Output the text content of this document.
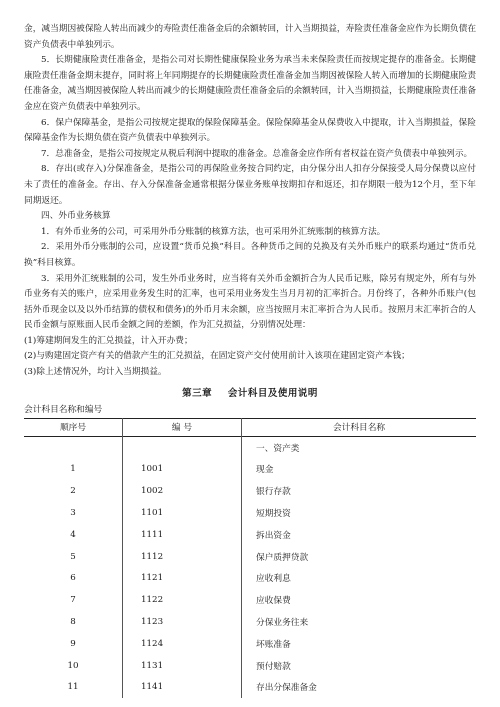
金，减当期因被保险人转出而减少的寿险责任准备金后的余额转回，计入当期损益，寿险责任准备金应作为长期负债在资产负债表中单独列示。

5．长期健康险责任准备金，是指公司对长期性健康保险业务为承当未来保险责任而按规定提存的准备金。长期健康险责任准备金期末提存，同时将上年同期提存的长期健康险责任准备金加当期因被保险人转入而增加的长期健康险责任准备金，减当期因被保险人转出而减少的长期健康险责任准备金后的余额转回，计入当期损益，长期健康险责任准备金应在资产负债表中单独列示。

6．保户保障基金，是指公司按规定提取的保险保障基金。保险保障基金从保费收入中提取，计入当期损益，保险保障基金作为长期负债在资产负债表中单独列示。

7．总准备金，是指公司按规定从税后利润中提取的准备金。总准备金应作所有者权益在资产负债表中单独列示。

8．存出(或存入)分保准备金，是指公司的再保险业务按合同约定，由分保分出人扣存分保接受人局分保费以应付未了责任的准备金。存出、存入分保准备金通常根据分保业务账单按期扣存和返还，扣存期限一般为12个月，至下年同期返还。

四、外币业务核算

1．有外币业务的公司，可采用外币分账制的核算方法，也可采用外汇统账制的核算方法。

2．采用外币分账制的公司，应设置“货币兑换”科目。各种货币之间的兑换及有关外币账户的联系均通过“货币兑换”科目核算。

3．采用外汇统账制的公司，发生外币业务时，应当将有关外币金额折合为人民币记账，除另有规定外，所有与外币业务有关的账户，应采用业务发生时的汇率，也可采用业务发生当月月初的汇率折合。月份终了，各种外币账户(包括外币现金以及以外币结算的债权和债务)的外币月末余额，应当按照月末汇率折合为人民币。按照月末汇率折合的人民币金额与原账面人民币金额之间的差额，作为汇兑损益，分别情况处理：

(1)筹建期间发生的汇兑损益，计入开办费；

(2)与购建固定资产有关的借款产生的汇兑损益，在固定资产交付使用前计入该项在建固定资产本钱；

(3)除上述情况外，均计入当期损益。

第三章 会计科目及使用说明
会计科目名称和编号
顺序号	编 号	会计科目名称
		一、资产类
1	1001	现金
2	1002	银行存款
3	1101	短期投资
4	1111	拆出资金
5	1112	保户质押贷款
6	1121	应收利息
7	1122	应收保费
8	1123	分保业务往来
9	1124	坏账准备
10	1131	预付赔款
11	1141	存出分保准备金
